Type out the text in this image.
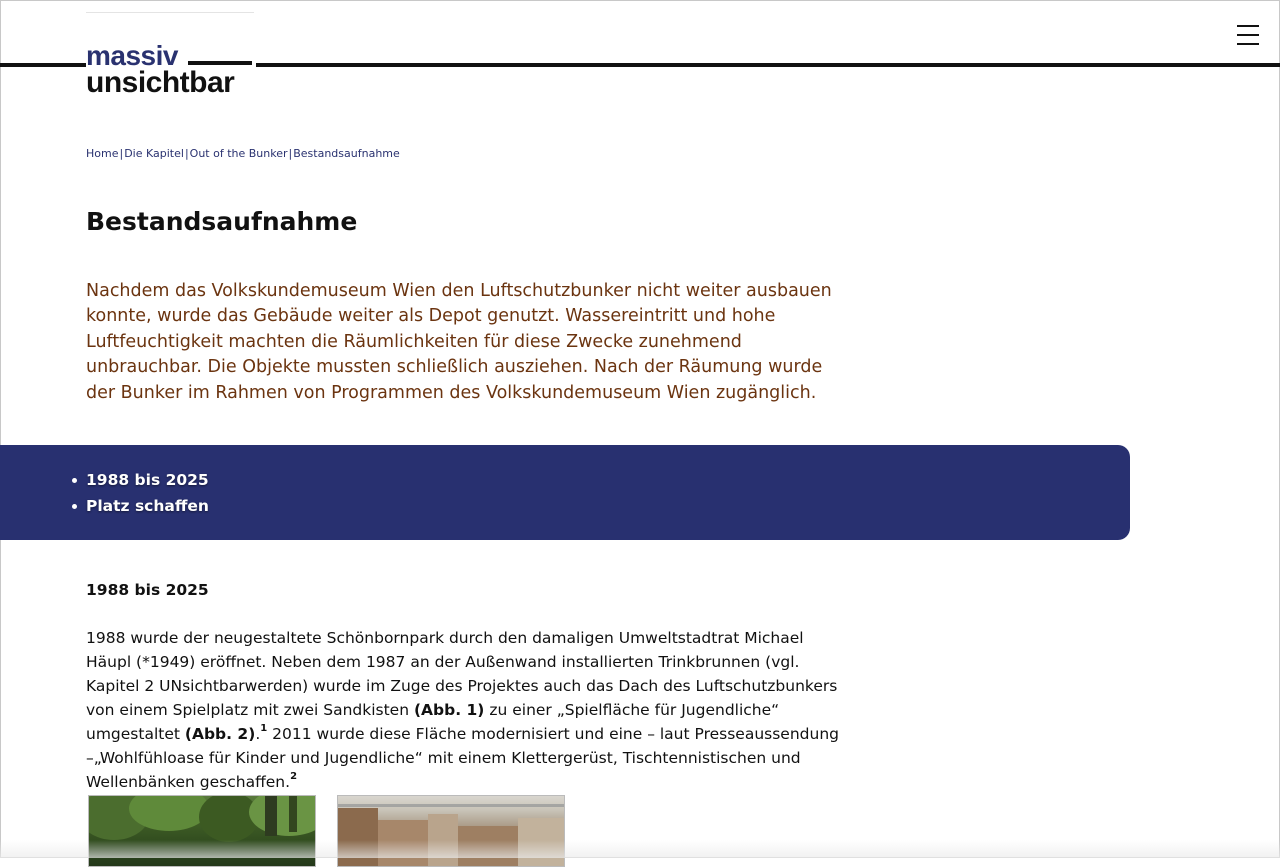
massiv
unsichtbar
Home|Die Kapitel|Out of the Bunker|Bestandsaufnahme
Bestandsaufnahme

Nachdem das Volkskundemuseum Wien den Luftschutzbunker nicht weiter ausbauen konnte, wurde das Gebäude weiter als Depot genutzt. Wassereintritt und hohe Luftfeuchtigkeit machten die Räumlichkeiten für diese Zwecke zunehmend unbrauchbar. Die Objekte mussten schließlich ausziehen. Nach der Räumung wurde der Bunker im Rahmen von Programmen des Volkskundemuseum Wien zugänglich.

1988 bis 2025
Platz schaffen
1988 bis 2025

1988 wurde der neugestaltete Schönbornpark durch den damaligen Umweltstadtrat Michael Häupl (*1949) eröffnet. Neben dem 1987 an der Außenwand installierten Trinkbrunnen (vgl. Kapitel 2 UNsichtbarwerden) wurde im Zuge des Projektes auch das Dach des Luftschutzbunkers von einem Spielplatz mit zwei Sandkisten (Abb. 1) zu einer „Spielfläche für Jugendliche“ umgestaltet (Abb. 2).$^1$ 2011 wurde diese Fläche modernisiert und eine – laut Presseaussendung –„Wohlfühloase für Kinder und Jugendliche“ mit einem Klettergerüst, Tischtennistischen und Wellenbänken geschaffen.$^2$
